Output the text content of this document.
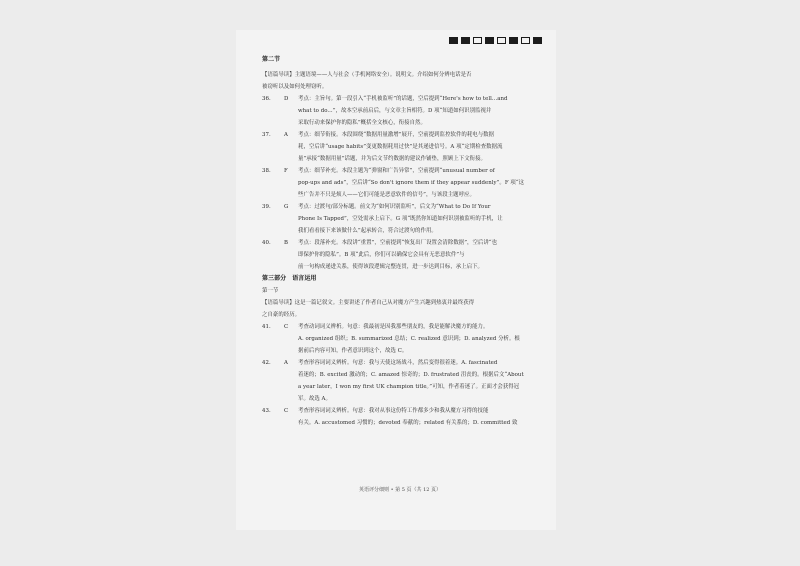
第二节

【语篇导读】主题语境——人与社会（手机网络安全）。说明文。介绍如何分辨电话是否

被窃听以及如何处理窃听。

36.	D	考点：主旨句。第一段引入“手机被监听”的话题，空后提到“Here's how to tell...and
what to do...”，故本空承前启后，与文章主旨相符。D 项“知道如何识别监视并
采取行动来保护你的隐私”概括全文核心，衔接自然。
37.	A	考点：细节衔接。本段围绕“数据用量激增”展开，空前提到监控软件的耗电与数据
耗，空后讲“usage habits”变更数据耗用过快”是其递进信号。A 项“定期检查数据流
量”承接“数据用量”话题，并为后文节约数据的建议作铺垫，照顾上下文衔接。
38.	F	考点：细节补充。本段主题为“弹窗和广告异常”，空前提到“unusual number of
pop-ups and ads”，空后讲“So don't ignore them if they appear suddenly”。F 项“这
些广告并不只是烦人——它们可能是恶意软件的信号”，与该段主题呼应。
39.	G	考点：过渡句/部分标题。前文为“如何识别监听”，后文为“What to Do If Your
Phone Is Tapped”，空处需承上启下。G 项“既然你知道如何识别被监听的手机，让
我们看看接下来该做什么”起承转合，符合过渡句的作用。
40.	B	考点：段落补充。本段讲“重置”，空前提到“恢复出厂设置会清除数据”，空后讲“也
即保护你的隐私”。B 项“此后，你们可以确保它会具有无恶意软件”与
前一句构成递进关系，使得该段逻辑完整连贯，进一步达到目标，承上启下。

第三部分　语言运用

第一节

【语篇导读】这是一篇记叙文。主要讲述了作者自己从对魔方产生兴趣到热衷并最终获得

之自豪的经历。

41.	C	考查动词词义辨析。句意：我最初是因我那些朋友的，我是能解决魔方的能力。
A. organized 组织；B. summarized 总结；C. realized 意识到；D. analyzed 分析。根
据前后内容可知，作者意识到这个，故选 C。
42.	A	考查形容词词义辨析。句意：我与天使这场战斗，然后变得很着迷。A. fascinated
着迷的；B. excited 激动的；C. amazed 惊奇的；D. frustrated 沮丧的。根据后文“About
a year later，I won my first UK champion title。”可知，作者着迷了。正面才会获得冠
军。故选 A。
43.	C	考查形容词词义辨析。句意：我对从事这份特工作都多少和我从魔方习得的技能
有关。A. accustomed 习惯的；devoted 奉献的；related 有关系的；D. committed 致
英语评分细则 • 第 5 页（共 12 页）
